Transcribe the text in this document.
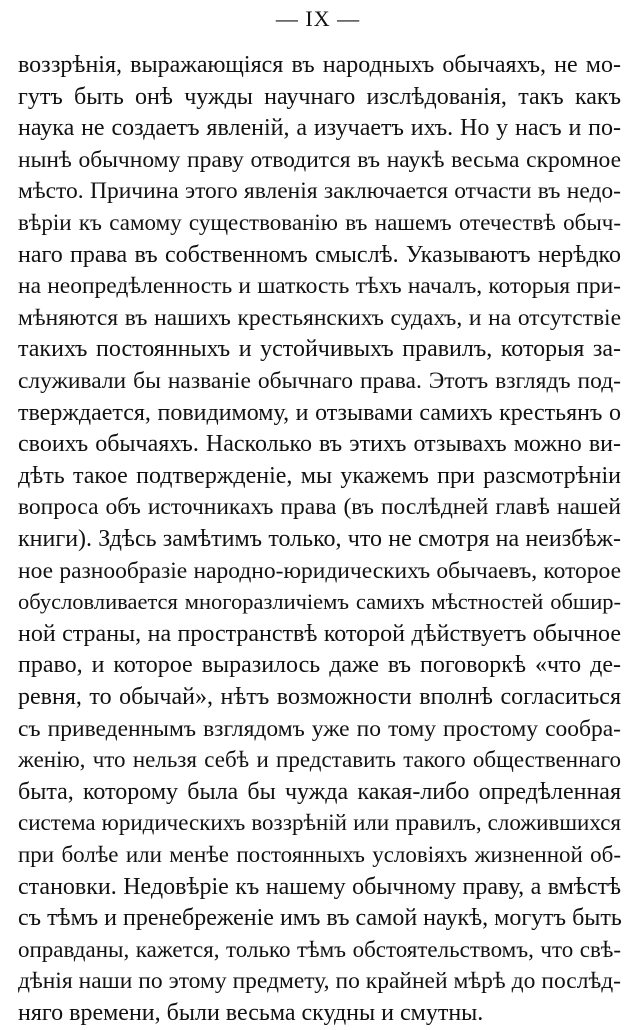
— IX —
воззрѣнія, выражающіяся въ народныхъ обычаяхъ, не мо-
гутъ быть онѣ чужды научнаго изслѣдованія, такъ какъ
наука не создаетъ явленій, а изучаетъ ихъ. Но у насъ и по-
нынѣ обычному праву отводится въ наукѣ весьма скромное
мѣсто. Причина этого явленія заключается отчасти въ недо-
вѣріи къ самому существованію въ нашемъ отечествѣ обыч-
наго права въ собственномъ смыслѣ. Указываютъ нерѣдко
на неопредѣленность и шаткость тѣхъ началъ, которыя при-
мѣняются въ нашихъ крестьянскихъ судахъ, и на отсутствіе
такихъ постоянныхъ и устойчивыхъ правилъ, которыя за-
служивали бы названіе обычнаго права. Этотъ взглядъ под-
тверждается, повидимому, и отзывами самихъ крестьянъ о
своихъ обычаяхъ. Насколько въ этихъ отзывахъ можно ви-
дѣть такое подтвержденіе, мы укажемъ при разсмотрѣніи
вопроса объ источникахъ права (въ послѣдней главѣ нашей
книги). Здѣсь замѣтимъ только, что не смотря на неизбѣж-
ное разнообразіе народно-юридическихъ обычаевъ, которое
обусловливается многоразличіемъ самихъ мѣстностей обшир-
ной страны, на пространствѣ которой дѣйствуетъ обычное
право, и которое выразилось даже въ поговоркѣ «что де-
ревня, то обычай», нѣтъ возможности вполнѣ согласиться
съ приведеннымъ взглядомъ уже по тому простому сообра-
женію, что нельзя себѣ и представить такого общественнаго
быта, которому была бы чужда какая-либо опредѣленная
система юридическихъ воззрѣній или правилъ, сложившихся
при болѣе или менѣе постоянныхъ условіяхъ жизненной об-
становки. Недовѣріе къ нашему обычному праву, а вмѣстѣ
съ тѣмъ и пренебреженіе имъ въ самой наукѣ, могутъ быть
оправданы, кажется, только тѣмъ обстоятельствомъ, что свѣ-
дѣнія наши по этому предмету, по крайней мѣрѣ до послѣд-
няго времени, были весьма скудны и смутны.
